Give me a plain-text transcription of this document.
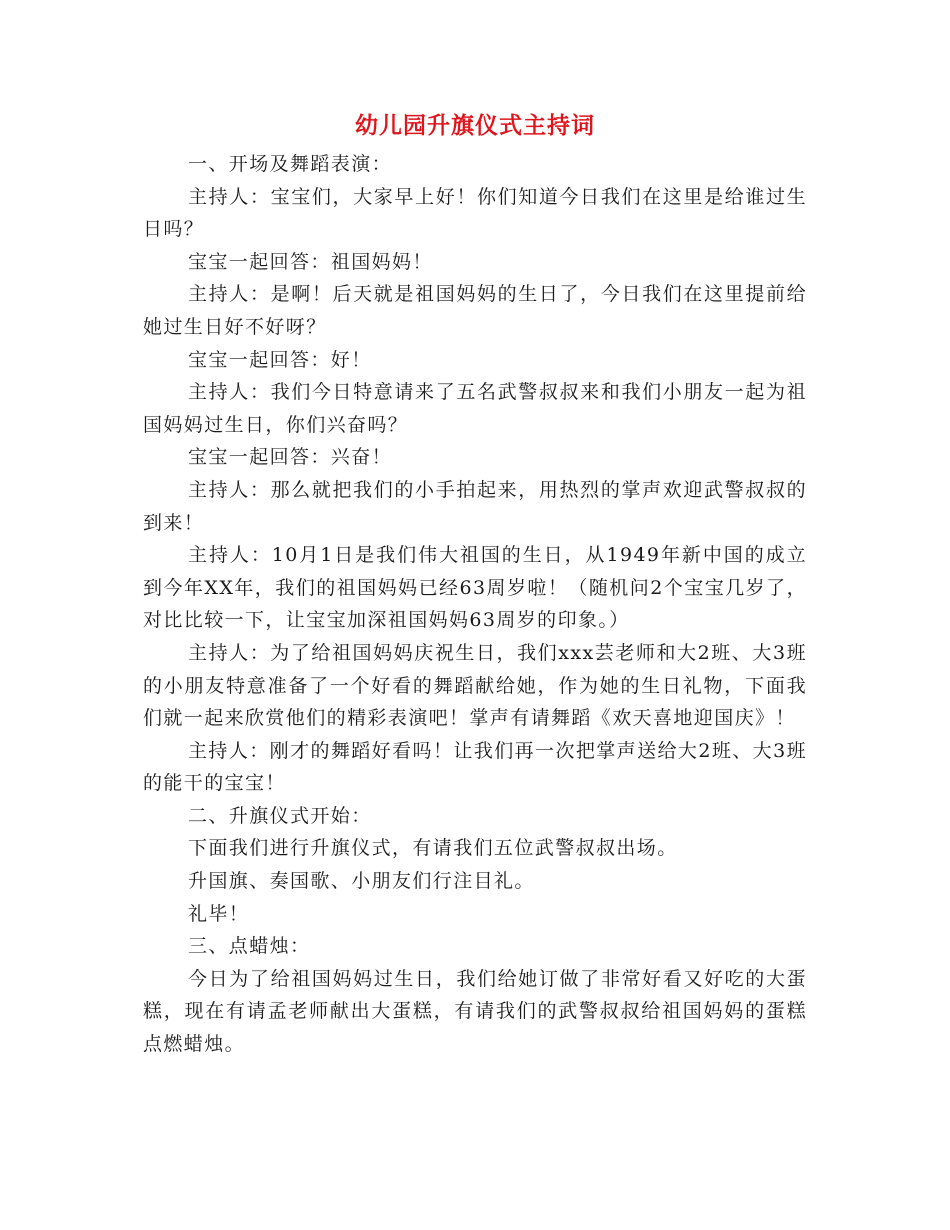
幼儿园升旗仪式主持词

一、开场及舞蹈表演：

主持人：宝宝们，大家早上好！你们知道今日我们在这里是给谁过生日吗？

宝宝一起回答：祖国妈妈！

主持人：是啊！后天就是祖国妈妈的生日了，今日我们在这里提前给她过生日好不好呀？

宝宝一起回答：好！

主持人：我们今日特意请来了五名武警叔叔来和我们小朋友一起为祖国妈妈过生日，你们兴奋吗？

宝宝一起回答：兴奋！

主持人：那么就把我们的小手拍起来，用热烈的掌声欢迎武警叔叔的到来！

主持人：10月1日是我们伟大祖国的生日，从1949年新中国的成立到今年XX年，我们的祖国妈妈已经63周岁啦！（随机问2个宝宝几岁了，对比比较一下，让宝宝加深祖国妈妈63周岁的印象。）

主持人：为了给祖国妈妈庆祝生日，我们xxx芸老师和大2班、大3班的小朋友特意准备了一个好看的舞蹈献给她，作为她的生日礼物，下面我们就一起来欣赏他们的精彩表演吧！掌声有请舞蹈《欢天喜地迎国庆》！

主持人：刚才的舞蹈好看吗！让我们再一次把掌声送给大2班、大3班的能干的宝宝！

二、升旗仪式开始：

下面我们进行升旗仪式，有请我们五位武警叔叔出场。

升国旗、奏国歌、小朋友们行注目礼。

礼毕！

三、点蜡烛：

今日为了给祖国妈妈过生日，我们给她订做了非常好看又好吃的大蛋糕，现在有请孟老师献出大蛋糕，有请我们的武警叔叔给祖国妈妈的蛋糕点燃蜡烛。
